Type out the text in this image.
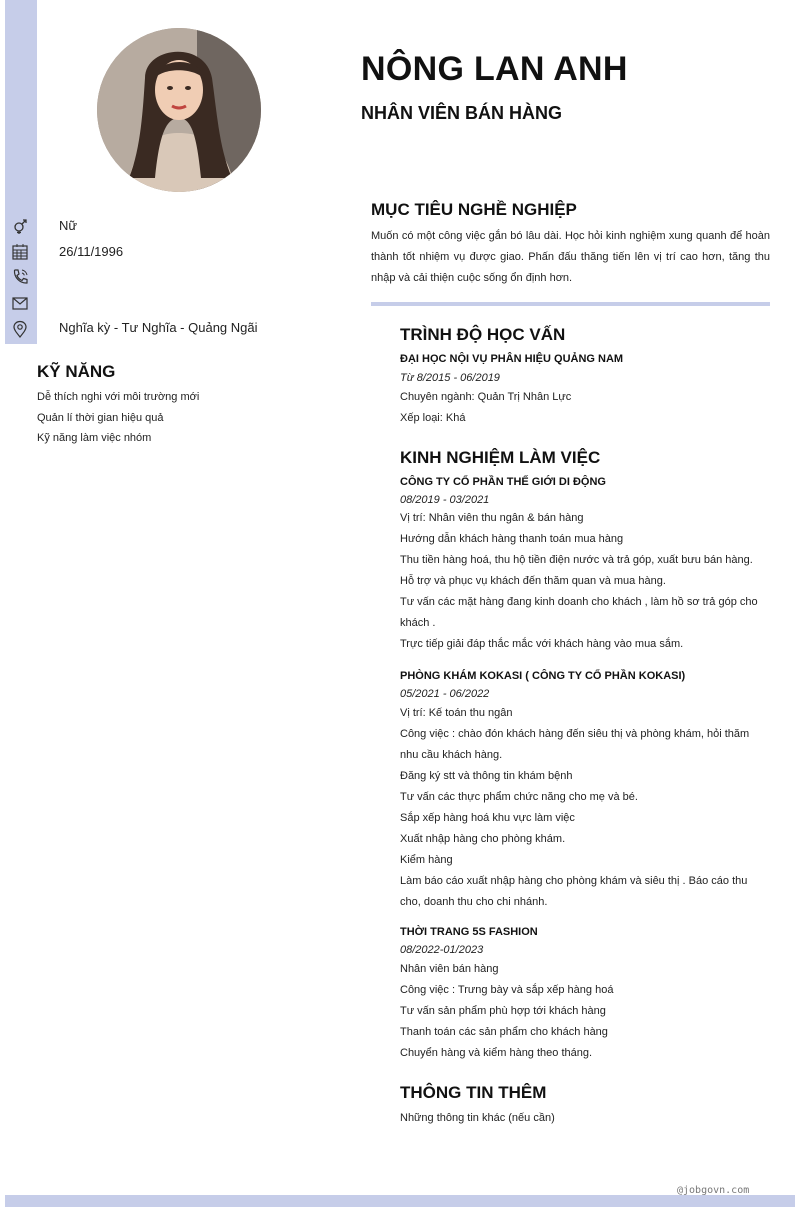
NÔNG LAN ANH
NHÂN VIÊN BÁN HÀNG
Nữ
26/11/1996
Nghĩa kỳ - Tư Nghĩa - Quảng Ngãi
KỸ NĂNG
Dễ thích nghi với môi trường mới
Quản lí thời gian hiệu quả
Kỹ năng làm việc nhóm
MỤC TIÊU NGHỀ NGHIỆP
Muốn có một công việc gắn bó lâu dài. Học hỏi kinh nghiệm xung quanh để hoàn thành tốt nhiệm vụ được giao. Phấn đấu thăng tiến lên vị trí cao hơn, tăng thu nhập và cải thiện cuộc sống ổn định hơn.
TRÌNH ĐỘ HỌC VẤN
ĐẠI HỌC NỘI VỤ PHÂN HIỆU QUẢNG NAM
Từ 8/2015 - 06/2019
Chuyên ngành: Quản Trị Nhân Lực
Xếp loại: Khá
KINH NGHIỆM LÀM VIỆC
CÔNG TY CỔ PHẦN THẾ GIỚI DI ĐỘNG
08/2019 - 03/2021
Vị trí: Nhân viên thu ngân & bán hàng
Hướng dẫn khách hàng thanh toán mua hàng
Thu tiền hàng hoá, thu hộ tiền điện nước và trả góp, xuất bưu bán hàng.
Hỗ trợ và phục vụ khách đến thăm quan và mua hàng.
Tư vấn các mặt hàng đang kinh doanh cho khách , làm hồ sơ trả góp cho khách .
Trực tiếp giải đáp thắc mắc với khách hàng vào mua sắm.
PHÒNG KHÁM KOKASI ( CÔNG TY CỔ PHẦN KOKASI)
05/2021 - 06/2022
Vị trí: Kế toán thu ngân
Công việc : chào đón khách hàng đến siêu thị và phòng khám, hỏi thăm nhu cầu khách hàng.
Đăng ký stt và thông tin khám bệnh
Tư vấn các thực phẩm chức năng cho mẹ và bé.
Sắp xếp hàng hoá khu vực làm việc
Xuất nhập hàng cho phòng khám.
Kiểm hàng
Làm báo cáo xuất nhập hàng cho phòng khám và siêu thị . Báo cáo thu cho, doanh thu cho chi nhánh.
THỜI TRANG 5S FASHION
08/2022-01/2023
Nhân viên bán hàng
Công việc : Trưng bày và sắp xếp hàng hoá
Tư vấn sản phẩm phù hợp tới khách hàng
Thanh toán các sản phẩm cho khách hàng
Chuyển hàng và kiểm hàng theo tháng.
THÔNG TIN THÊM
Những thông tin khác (nếu cần)
@jobgovn.com
